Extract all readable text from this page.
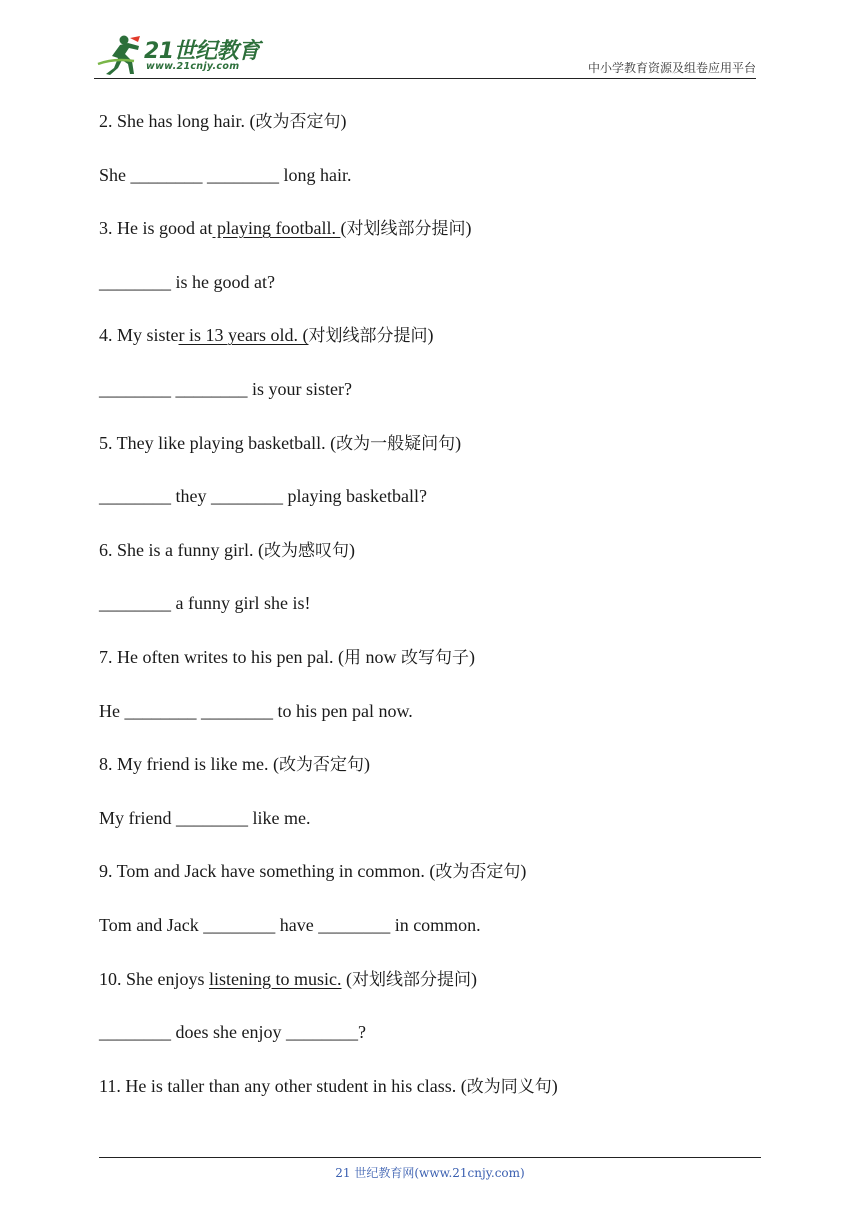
21世纪教育
www.21cnjy.com	中小学教育资源及组卷应用平台
2. She has long hair. (改为否定句)
She ________ ________ long hair.
3. He is good at playing football. (对划线部分提问)
________ is he good at?
4. My sister is 13 years old. (对划线部分提问)
________ ________ is your sister?
5. They like playing basketball. (改为一般疑问句)
________ they ________ playing basketball?
6. She is a funny girl. (改为感叹句)
________ a funny girl she is!
7. He often writes to his pen pal. (用 now 改写句子)
He ________ ________ to his pen pal now.
8. My friend is like me. (改为否定句)
My friend ________ like me.
9. Tom and Jack have something in common. (改为否定句)
Tom and Jack ________ have ________ in common.
10. She enjoys listening to music. (对划线部分提问)
________ does she enjoy ________?
11. He is taller than any other student in his class. (改为同义句)
21 世纪教育网(www.21cnjy.com)
